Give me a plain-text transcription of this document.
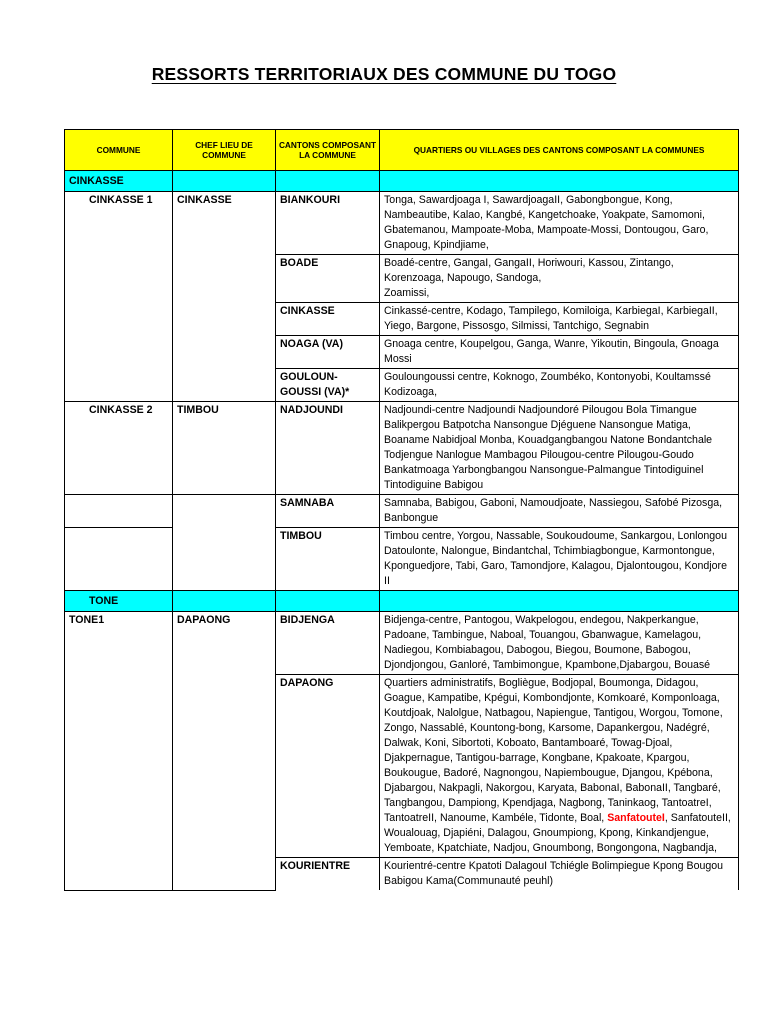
RESSORTS TERRITORIAUX DES COMMUNE DU TOGO
COMMUNE	CHEF LIEU DE COMMUNE	CANTONS COMPOSANT LA COMMUNE	QUARTIERS OU VILLAGES DES CANTONS COMPOSANT LA COMMUNES
CINKASSE			
CINKASSE 1	CINKASSE	BIANKOURI	Tonga, Sawardjoaga I, SawardjoagaII, Gabongbongue, Kong, Nambeautibe, Kalao, Kangbé, Kangetchoake, Yoakpate, Samomoni, Gbatemanou, Mampoate-Moba, Mampoate-Mossi, Dontougou, Garo, Gnapoug, Kpindjiame,
		BOADE	Boadé-centre, GangaI, GangaII, Horiwouri, Kassou, Zintango, Korenzoaga, Napougo, Sandoga,
Zoamissi,

		CINKASSE	Cinkassé-centre, Kodago, Tampilego, Komiloiga, KarbiegaI, KarbiegaII, Yiego, Bargone, Pissosgo, Silmissi, Tantchigo, Segnabin
		NOAGA (VA)	Gnoaga centre, Koupelgou, Ganga, Wanre, Yikoutin, Bingoula, Gnoaga Mossi
		GOULOUN-GOUSSI (VA)*	Gouloungoussi centre, Koknogo, Zoumbéko, Kontonyobi, Koultamssé
Kodizoaga,

CINKASSE 2	TIMBOU	NADJOUNDI	Nadjoundi-centre Nadjoundi Nadjoundoré Pilougou Bola Timangue Balikpergou Batpotcha Nansongue Djéguene Nansongue Matiga, Boaname Nabidjoal Monba, Kouadgangbangou Natone Bondantchale Todjengue Nanlogue Mambagou Pilougou-centre Pilougou-Goudo Bankatmoaga Yarbongbangou Nansongue-Palmangue Tintodiguinel Tintodiguine Babigou
		SAMNABA	Samnaba, Babigou, Gaboni, Namoudjoate, Nassiegou, Safobé Pizosga, Banbongue
		TIMBOU	Timbou centre, Yorgou, Nassable, Soukoudoume, Sankargou, Lonlongou
Datoulonte, Nalongue, Bindantchal, Tchimbiagbongue, Karmontongue, Kponguedjore, Tabi, Garo, Tamondjore, Kalagou, Djalontougou, Kondjore II

TONE			
TONE1	DAPAONG	BIDJENGA	Bidjenga-centre, Pantogou, Wakpelogou, endegou, Nakperkangue, Padoane, Tambingue, Naboal, Touangou, Gbanwague, Kamelagou, Nadiegou, Kombiabagou, Dabogou, Biegou, Boumone, Babogou, Djondjongou, Ganloré, Tambimongue, Kpambone,Djabargou, Bouasé
		DAPAONG	Quartiers administratifs, Bogliègue, Bodjopal, Boumonga, Didagou, Goague, Kampatibe, Kpégui, Kombondjonte, Komkoaré, Komponloaga, Koutdjoak, Nalolgue, Natbagou, Napiengue, Tantigou, Worgou, Tomone, Zongo, Nassablé, Kountong-bong, Karsome, Dapankergou, Nadégré, Dalwak, Koni, Sibortoti, Koboato, Bantamboaré, Towag-Djoal, Djakpernague, Tantigou-barrage, Kongbane, Kpakoate, Kpargou, Boukougue, Badoré, Nagnongou, Napiembougue, Djangou, Kpébona, Djabargou, Nakpagli, Nakorgou, Karyata, BabonaI, BabonaII, Tangbaré, Tangbangou, Dampiong, Kpendjaga, Nagbong, Taninkaog, TantoatreI, TantoatreII, Nanoume, Kambéle, Tidonte, Boal, SanfatouteI, SanfatouteII, Woualouag, Djapiéni, Dalagou, Gnoumpiong, Kpong, Kinkandjengue, Yemboate, Kpatchiate, Nadjou, Gnoumbong, Bongongona, Nagbandja,
		KOURIENTRE	Kourientré-centre Kpatoti DalagouI Tchiégle Bolimpiegue Kpong Bougou Babigou Kama(Communauté peuhl)
